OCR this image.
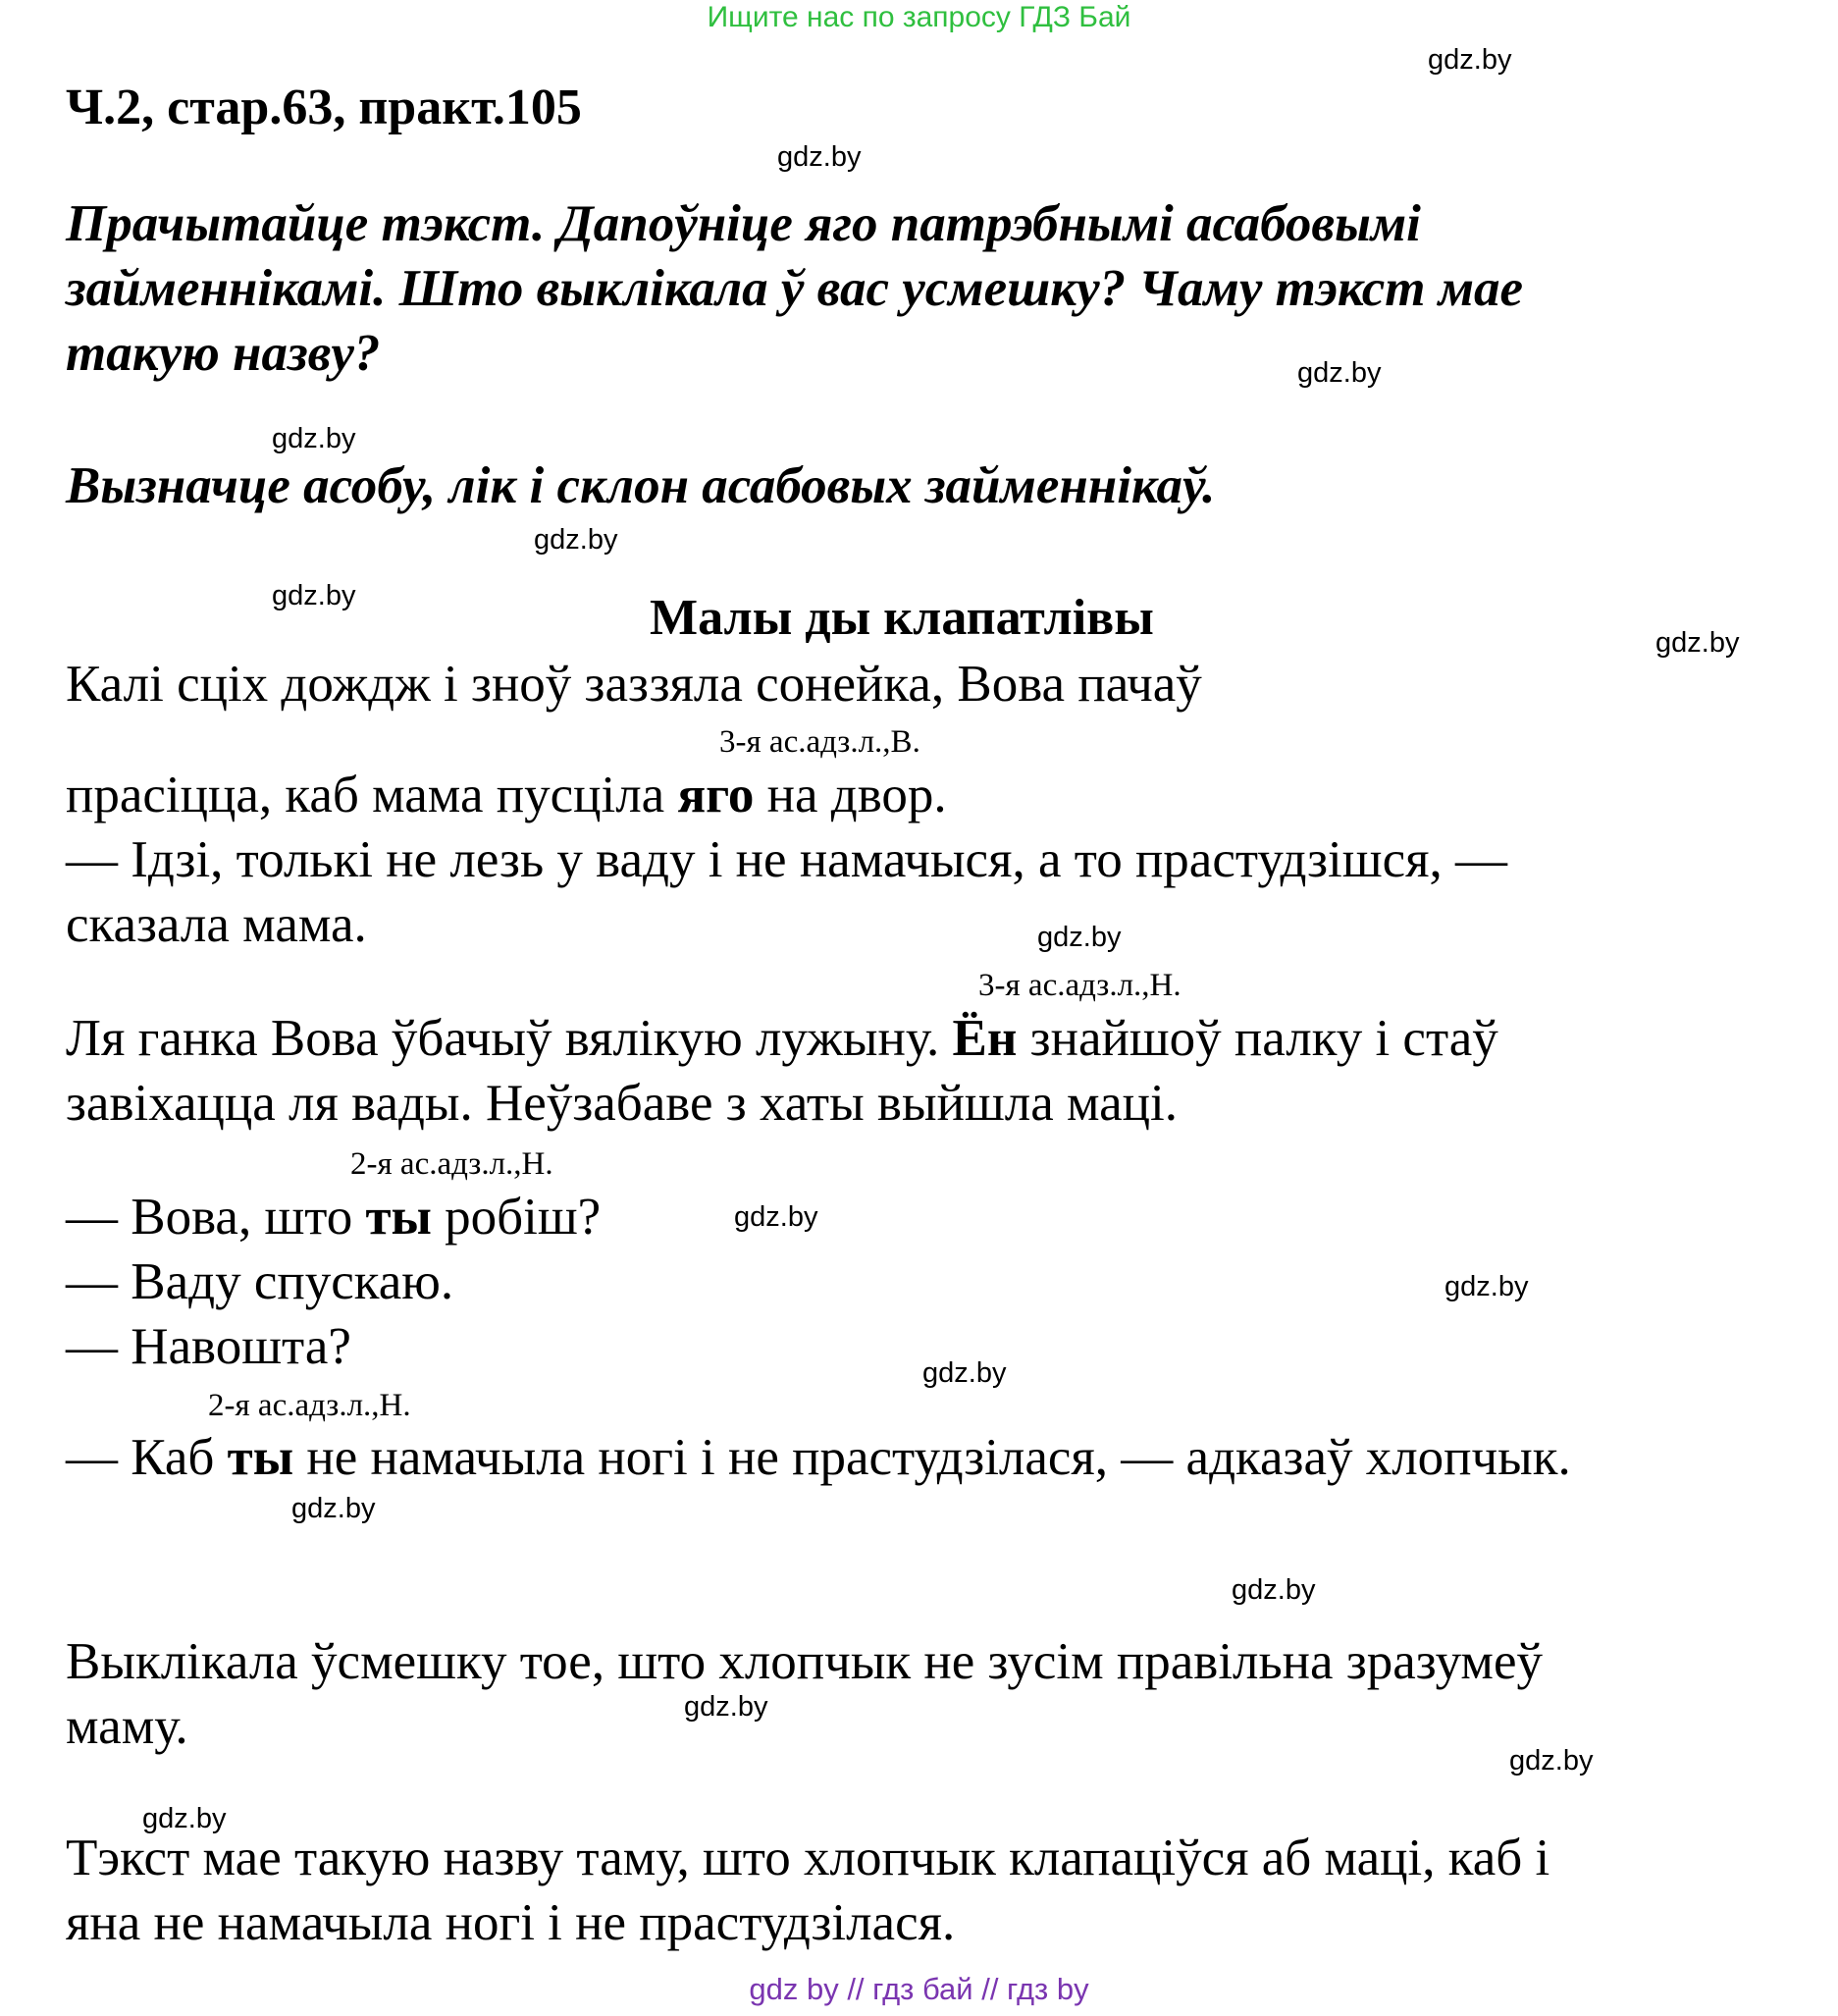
Ищите нас по запросу ГДЗ Бай
Ч.2, стар.63, практ.105
Прачытайце тэкст. Дапоўніце яго патрэбнымі асабовымі
займеннікамі. Што выклікала ў вас усмешку? Чаму тэкст мае
такую назву?
Вызначце асобу, лік і склон асабовых займеннікаў.
Малы ды клапатлівы
Калі сціх дождж і зноў заззяла сонейка, Вова пачаў
3-я ас.адз.л.,В.
прасіцца, каб мама пусціла яго на двор.
— Ідзі, толькі не лезь у ваду і не намачыся, а то прастудзішся, —
сказала мама.
3-я ас.адз.л.,Н.
Ля ганка Вова ўбачыў вялікую лужыну. Ён знайшоў палку і стаў
завіхацца ля вады. Неўзабаве з хаты выйшла маці.
2-я ас.адз.л.,Н.
— Вова, што ты робіш?
— Ваду спускаю.
— Навошта?
2-я ас.адз.л.,Н.
— Каб ты не намачыла ногі і не прастудзілася, — адказаў хлопчык.
Выклікала ўсмешку тое, што хлопчык не зусім правільна зразумеў
маму.
Тэкст мае такую назву таму, што хлопчык клапаціўся аб маці, каб і
яна не намачыла ногі і не прастудзілася.
gdz.by
gdz.by
gdz.by
gdz.by
gdz.by
gdz.by
gdz.by
gdz.by
gdz.by
gdz.by
gdz.by
gdz.by
gdz.by
gdz.by
gdz.by
gdz.by
gdz by // гдз бай // гдз by
